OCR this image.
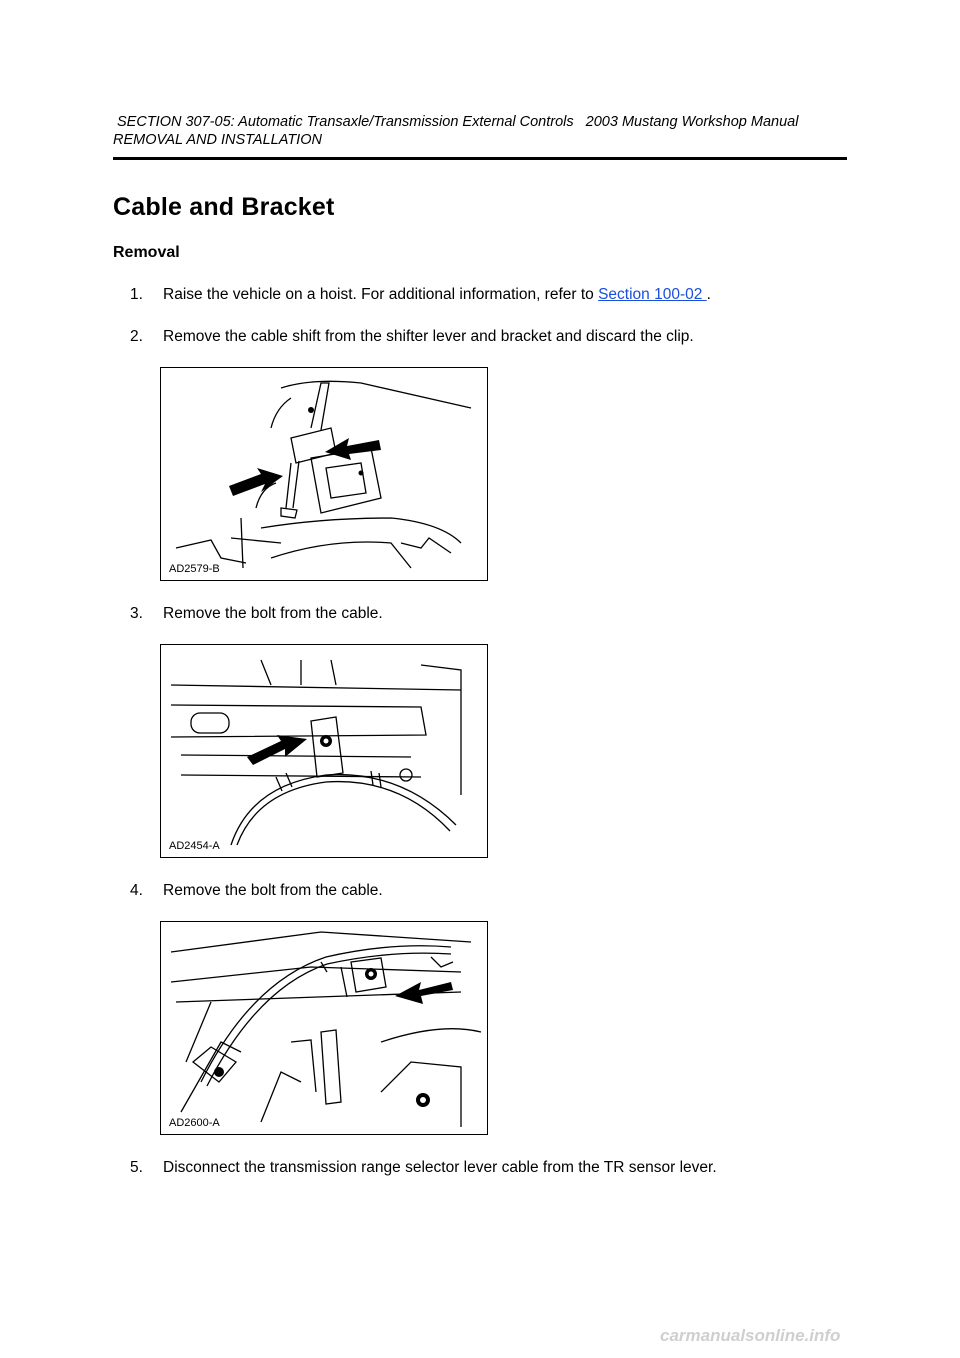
SECTION 307-05: Automatic Transaxle/Transmission External Controls 2003 Mustang Workshop Manual
REMOVAL AND INSTALLATION
Cable and Bracket
Removal
1. Raise the vehicle on a hoist. For additional information, refer to Section 100-02 .
2. Remove the cable shift from the shifter lever and bracket and discard the clip.
AD2579-B
3. Remove the bolt from the cable.
AD2454-A
4. Remove the bolt from the cable.
AD2600-A
5. Disconnect the transmission range selector lever cable from the TR sensor lever.
carmanualsonline.info
